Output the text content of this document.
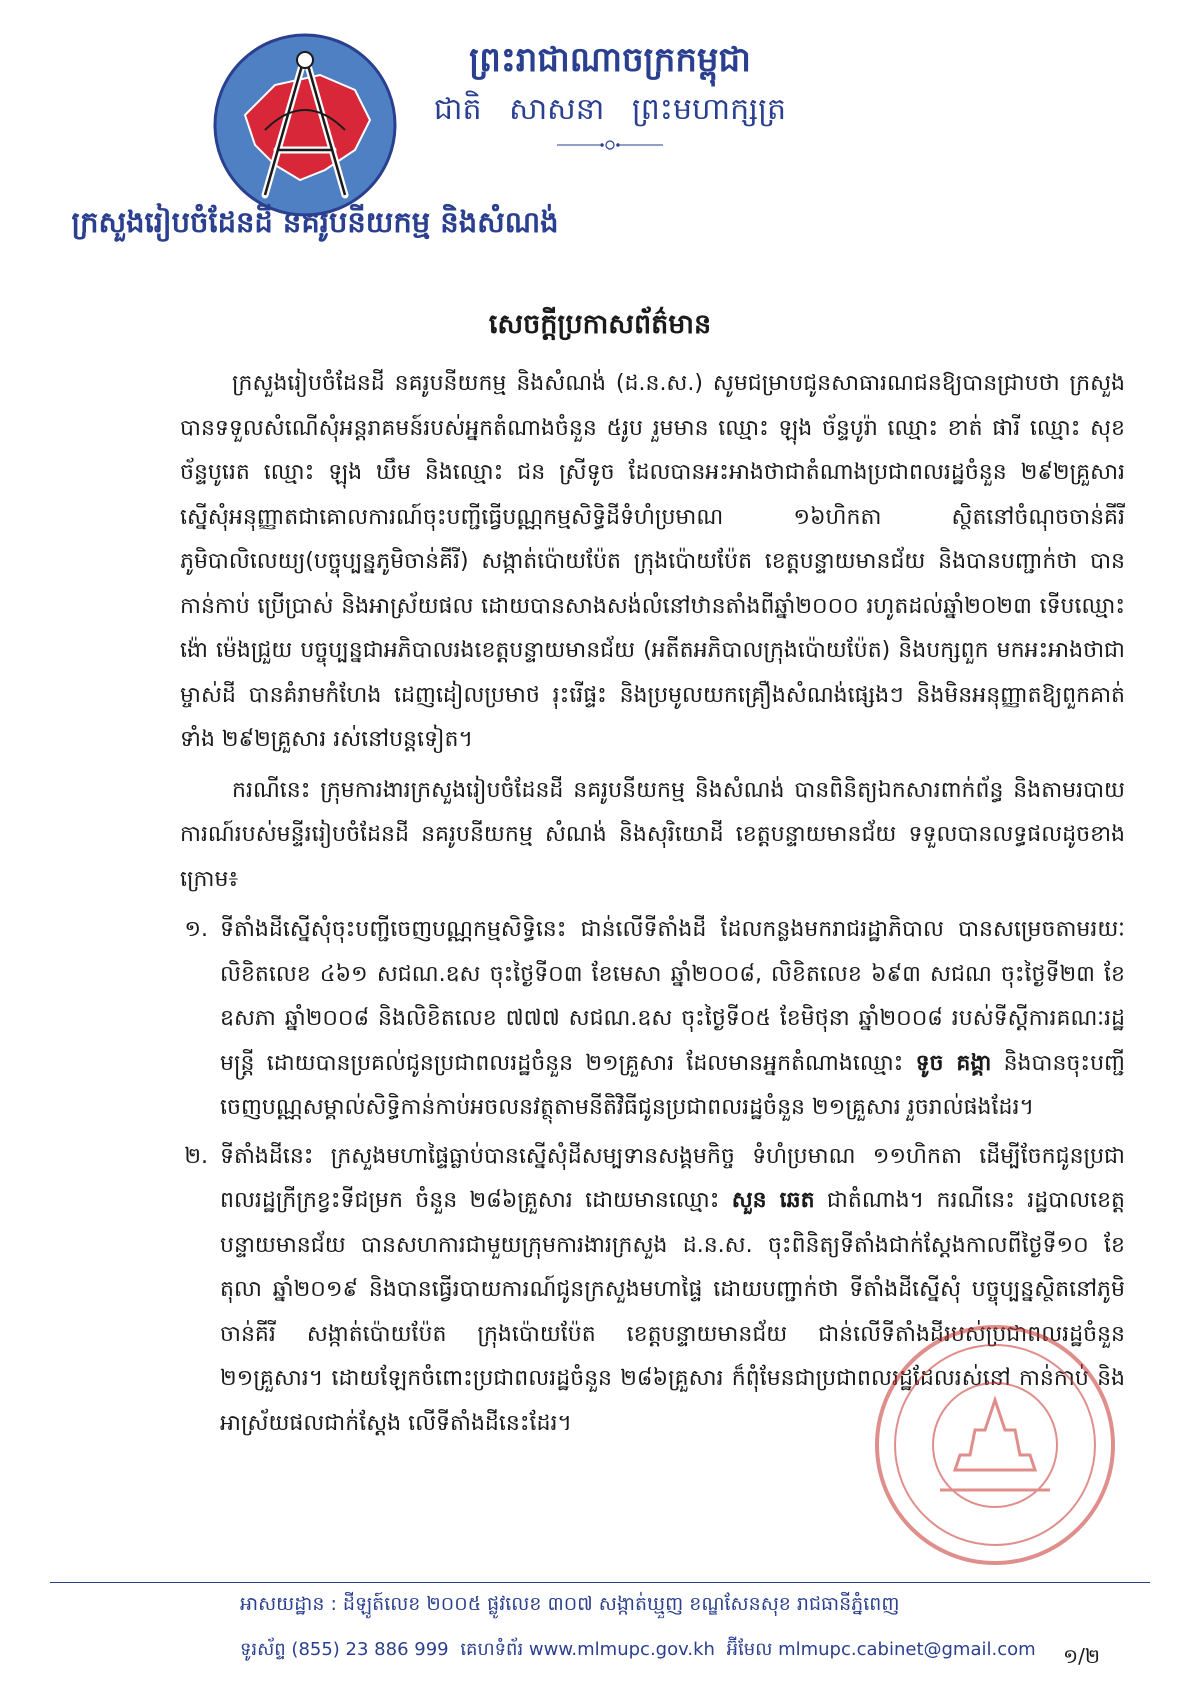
ព្រះរាជាណាចក្រកម្ពុជា
ជាតិ សាសនា ព្រះមហាក្សត្រ
ក្រសួងរៀបចំដែនដី នគរូបនីយកម្ម និងសំណង់
សេចក្តីប្រកាសព័ត៌មាន

ក្រសួងរៀបចំដែនដី នគរូបនីយកម្ម និងសំណង់ (ដ.ន.ស.) សូមជម្រាបជូនសាធារណជនឱ្យបានជ្រាបថា ក្រសួងបានទទួលសំណើសុំអន្តរាគមន៍របស់អ្នកតំណាងចំនួន ៥រូប រួមមាន ឈ្មោះ ឡុង ច័ន្ទបូរ៉ា ឈ្មោះ ខាត់ ផារី ឈ្មោះ សុខ ច័ន្ទបូរេត ឈ្មោះ ឡុង ឃឹម និងឈ្មោះ ជន ស្រីទូច ដែលបានអះអាងថាជាតំណាងប្រជាពលរដ្ឋចំនួន ២៩២គ្រួសារ ស្នើសុំអនុញ្ញាតជាគោលការណ៍ចុះបញ្ជីធ្វើបណ្ណកម្មសិទ្ធិដីទំហំប្រមាណ ១៦ហិកតា ស្ថិតនៅចំណុចចាន់គីរី ភូមិបាលិលេយ្យ(បច្ចុប្បន្នភូមិចាន់គីរី) សង្កាត់ប៉ោយប៉ែត ក្រុងប៉ោយប៉ែត ខេត្តបន្ទាយមានជ័យ និងបានបញ្ជាក់ថា បានកាន់កាប់ ប្រើប្រាស់ និងអាស្រ័យផល ដោយបានសាងសង់លំនៅឋានតាំងពីឆ្នាំ២០០០ រហូតដល់ឆ្នាំ២០២៣ ទើបឈ្មោះ ង៉ោ ម៉េងជ្រួយ បច្ចុប្បន្នជាអភិបាលរងខេត្តបន្ទាយមានជ័យ (អតីតអភិបាលក្រុងប៉ោយប៉ែត) និងបក្សពួក មកអះអាងថាជាម្ចាស់ដី បានគំរាមកំហែង ដេញដៀលប្រមាថ រុះរើផ្ទះ និងប្រមូលយកគ្រឿងសំណង់ផ្សេងៗ និងមិនអនុញ្ញាតឱ្យពួកគាត់ទាំង ២៩២គ្រួសារ រស់នៅបន្តទៀត។

ករណីនេះ ក្រុមការងារក្រសួងរៀបចំដែនដី នគរូបនីយកម្ម និងសំណង់ បានពិនិត្យឯកសារពាក់ព័ន្ធ និងតាមរបាយការណ៍របស់មន្ទីររៀបចំដែនដី នគរូបនីយកម្ម សំណង់ និងសុរិយោដី ខេត្តបន្ទាយមានជ័យ ទទួលបានលទ្ធផលដូចខាងក្រោម៖

១. ទីតាំងដីស្នើសុំចុះបញ្ជីចេញបណ្ណកម្មសិទ្ធិនេះ ជាន់លើទីតាំងដី ដែលកន្លងមករាជរដ្ឋាភិបាល បានសម្រេចតាមរយៈលិខិតលេខ ៤៦១ សជណ.ឧស ចុះថ្ងៃទី០៣ ខែមេសា ឆ្នាំ២០០៨, លិខិតលេខ ៦៩៣ សជណ ចុះថ្ងៃទី២៣ ខែឧសភា ឆ្នាំ២០០៨ និងលិខិតលេខ ៧៧៧ សជណ.ឧស ចុះថ្ងៃទី០៥ ខែមិថុនា ឆ្នាំ២០០៨ របស់ទីស្តីការគណៈរដ្ឋមន្ត្រី ដោយបានប្រគល់ជូនប្រជាពលរដ្ឋចំនួន ២១គ្រួសារ ដែលមានអ្នកតំណាងឈ្មោះ ទូច គង្គា និងបានចុះបញ្ជីចេញបណ្ណសម្គាល់សិទ្ធិកាន់កាប់អចលនវត្ថុតាមនីតិវិធីជូនប្រជាពលរដ្ឋចំនួន ២១គ្រួសារ រួចរាល់ផងដែរ។
២. ទីតាំងដីនេះ ក្រសួងមហាផ្ទៃធ្លាប់បានស្នើសុំដីសម្បទានសង្គមកិច្ច ទំហំប្រមាណ ១១ហិកតា ដើម្បីចែកជូនប្រជាពលរដ្ឋក្រីក្រខ្វះទីជម្រក ចំនួន ២៨៦គ្រួសារ ដោយមានឈ្មោះ សួន ឆេត ជាតំណាង។ ករណីនេះ រដ្ឋបាលខេត្តបន្ទាយមានជ័យ បានសហការជាមួយក្រុមការងារក្រសួង ដ.ន.ស. ចុះពិនិត្យទីតាំងជាក់ស្តែងកាលពីថ្ងៃទី១០ ខែតុលា ឆ្នាំ២០១៩ និងបានធ្វើរបាយការណ៍ជូនក្រសួងមហាផ្ទៃ ដោយបញ្ជាក់ថា ទីតាំងដីស្នើសុំ បច្ចុប្បន្នស្ថិតនៅភូមិចាន់គីរី សង្កាត់ប៉ោយប៉ែត ក្រុងប៉ោយប៉ែត ខេត្តបន្ទាយមានជ័យ ជាន់លើទីតាំងដីរបស់ប្រជាពលរដ្ឋចំនួន ២១គ្រួសារ។ ដោយឡែកចំពោះប្រជាពលរដ្ឋចំនួន ២៨៦គ្រួសារ ក៏ពុំមែនជាប្រជាពលរដ្ឋដែលរស់នៅ កាន់កាប់ និងអាស្រ័យផលជាក់ស្តែង លើទីតាំងដីនេះដែរ។
អាសយដ្ឋាន : ដីឡូត៍លេខ ២០០៥ ផ្លូវលេខ ៣០៧ សង្កាត់ឃ្មួញ ខណ្ឌសែនសុខ រាជធានីភ្នំពេញ
ទូរស័ព្ទ (855) 23 886 999 គេហទំព័រ www.mlmupc.gov.kh អ៊ីមែល mlmupc.cabinet@gmail.com ១/២
